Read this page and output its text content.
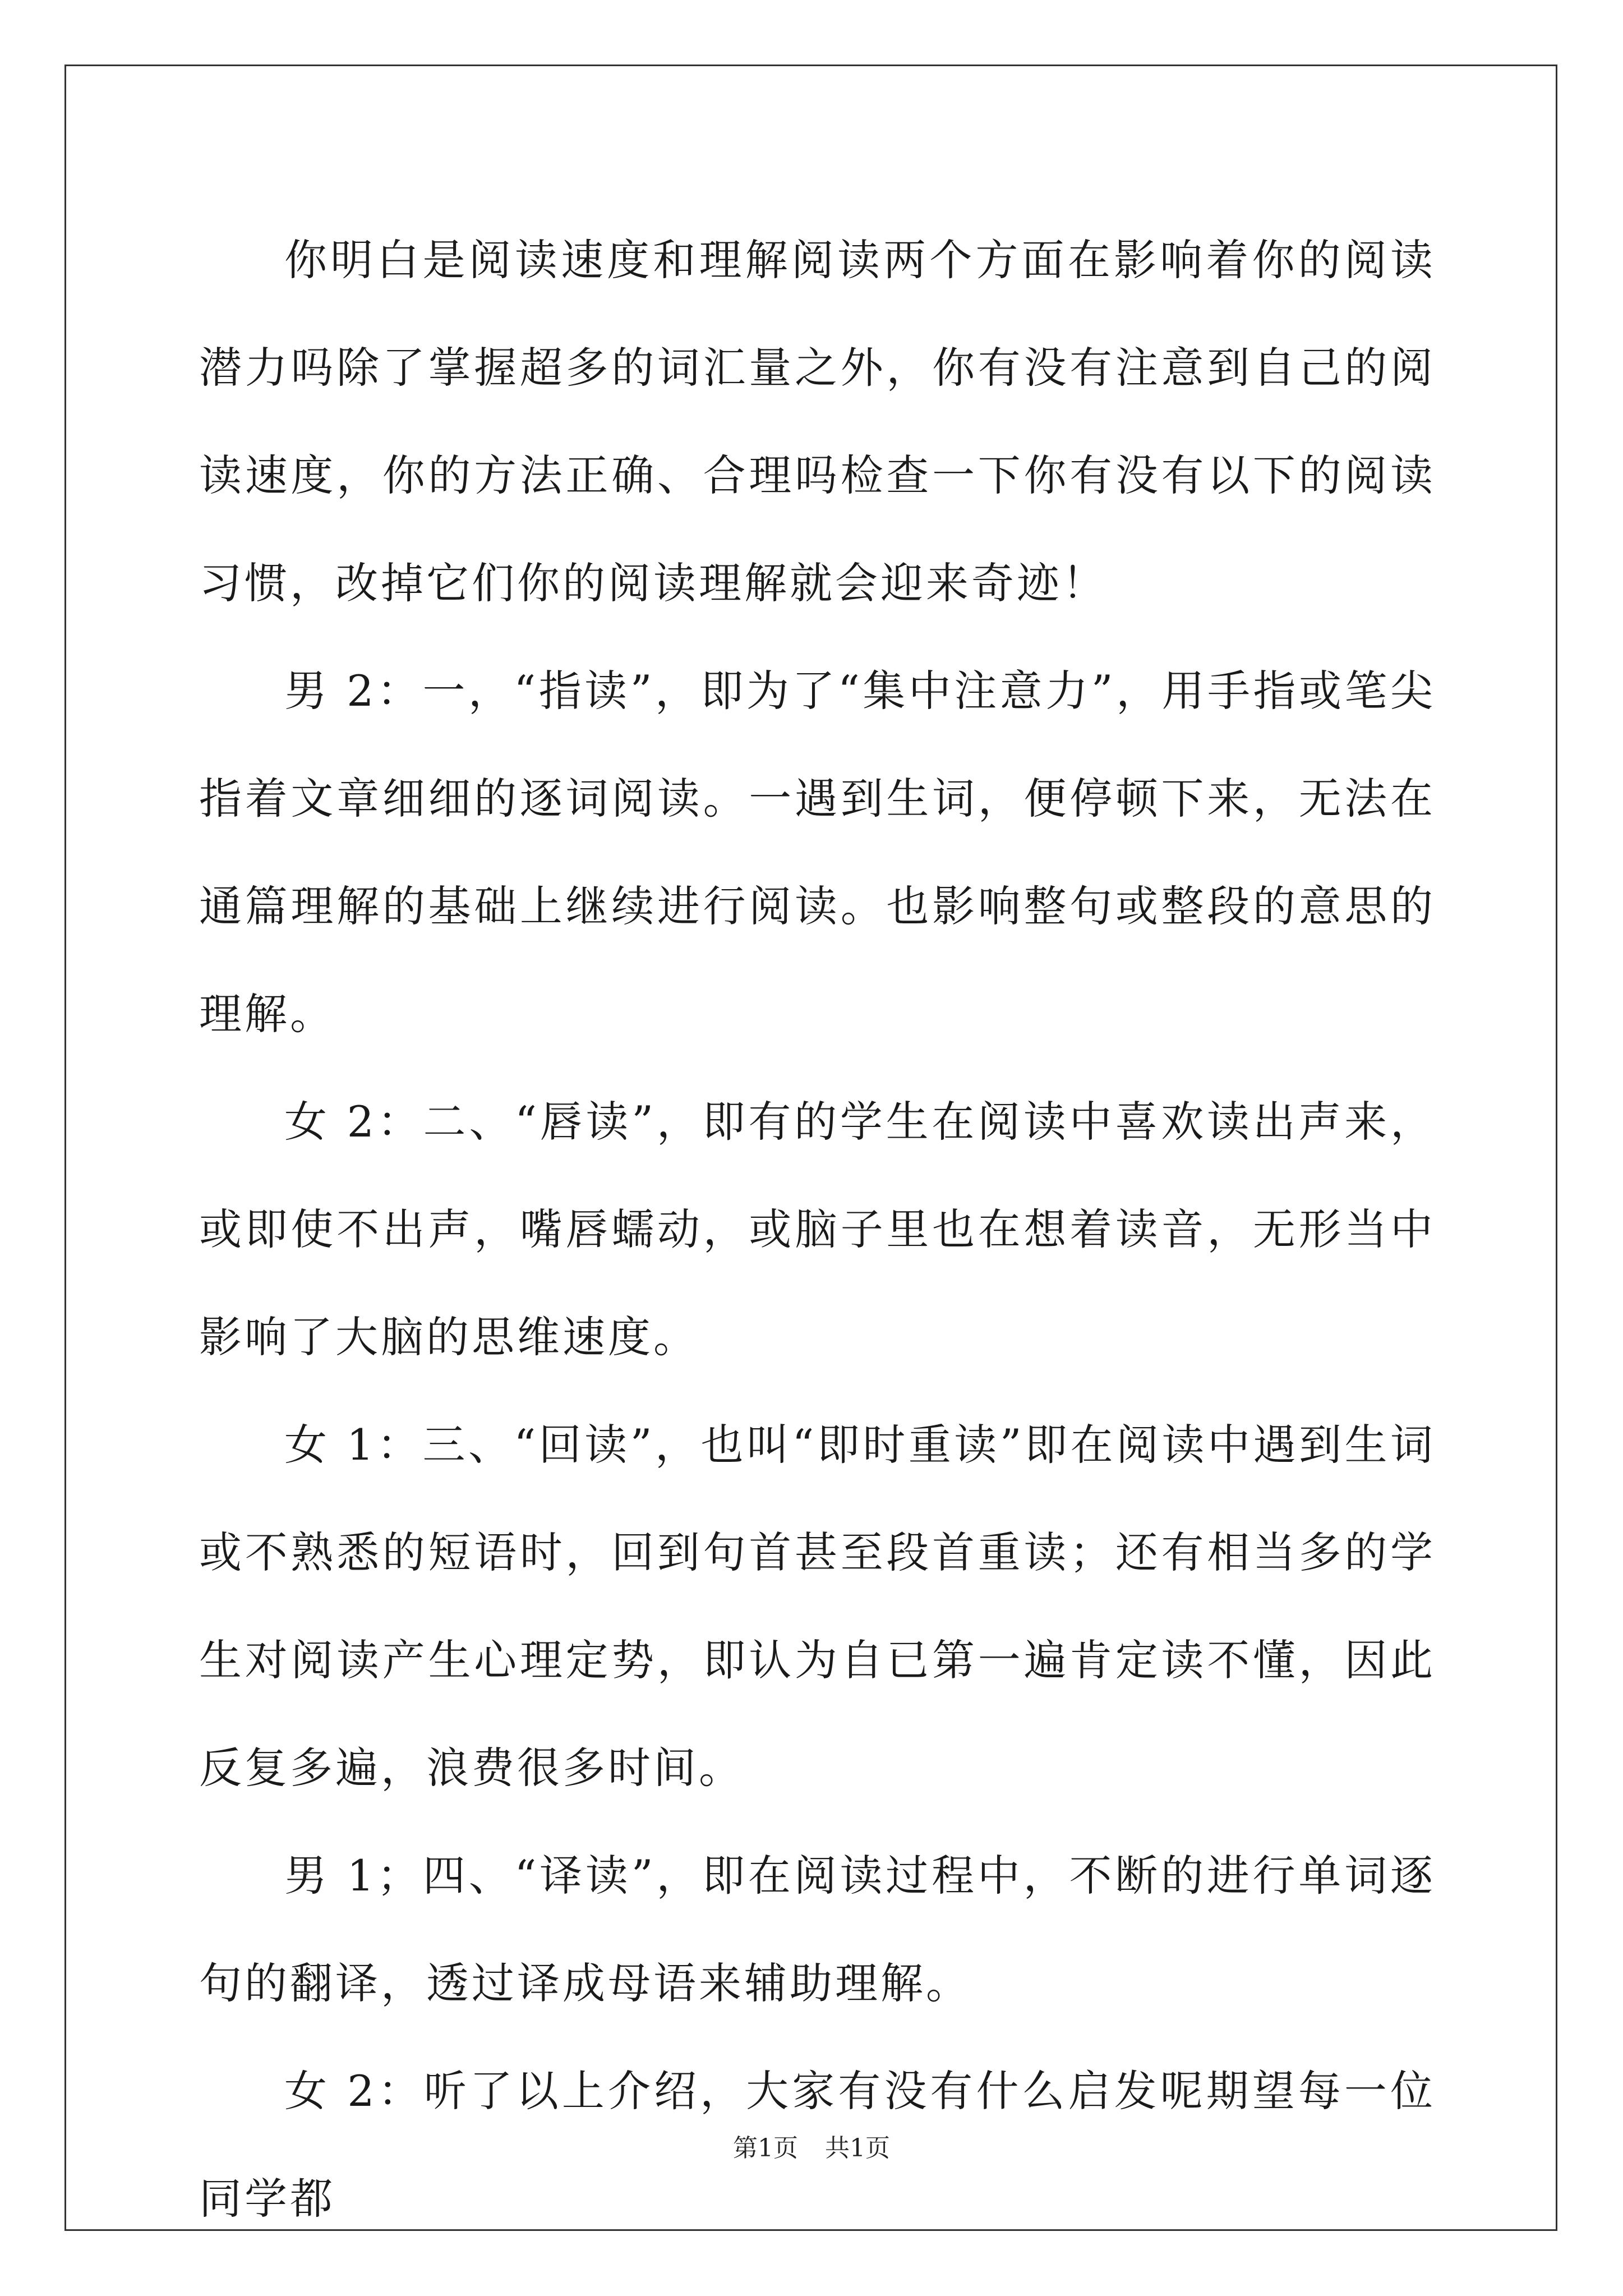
你明白是阅读速度和理解阅读两个方面在影响着你的阅读潜力吗除了掌握超多的词汇量之外，你有没有注意到自己的阅读速度，你的方法正确、合理吗检查一下你有没有以下的阅读习惯，改掉它们你的阅读理解就会迎来奇迹！

男 2：一，“指读”，即为了“集中注意力”，用手指或笔尖指着文章细细的逐词阅读。一遇到生词，便停顿下来，无法在通篇理解的基础上继续进行阅读。也影响整句或整段的意思的理解。

女 2：二、“唇读”，即有的学生在阅读中喜欢读出声来，或即使不出声，嘴唇蠕动，或脑子里也在想着读音，无形当中影响了大脑的思维速度。

女 1：三、“回读”，也叫“即时重读”即在阅读中遇到生词或不熟悉的短语时，回到句首甚至段首重读；还有相当多的学生对阅读产生心理定势，即认为自已第一遍肯定读不懂，因此反复多遍，浪费很多时间。

男 1；四、“译读”，即在阅读过程中，不断的进行单词逐句的翻译，透过译成母语来辅助理解。

女 2：听了以上介绍，大家有没有什么启发呢期望每一位同学都

第1页 共1页
